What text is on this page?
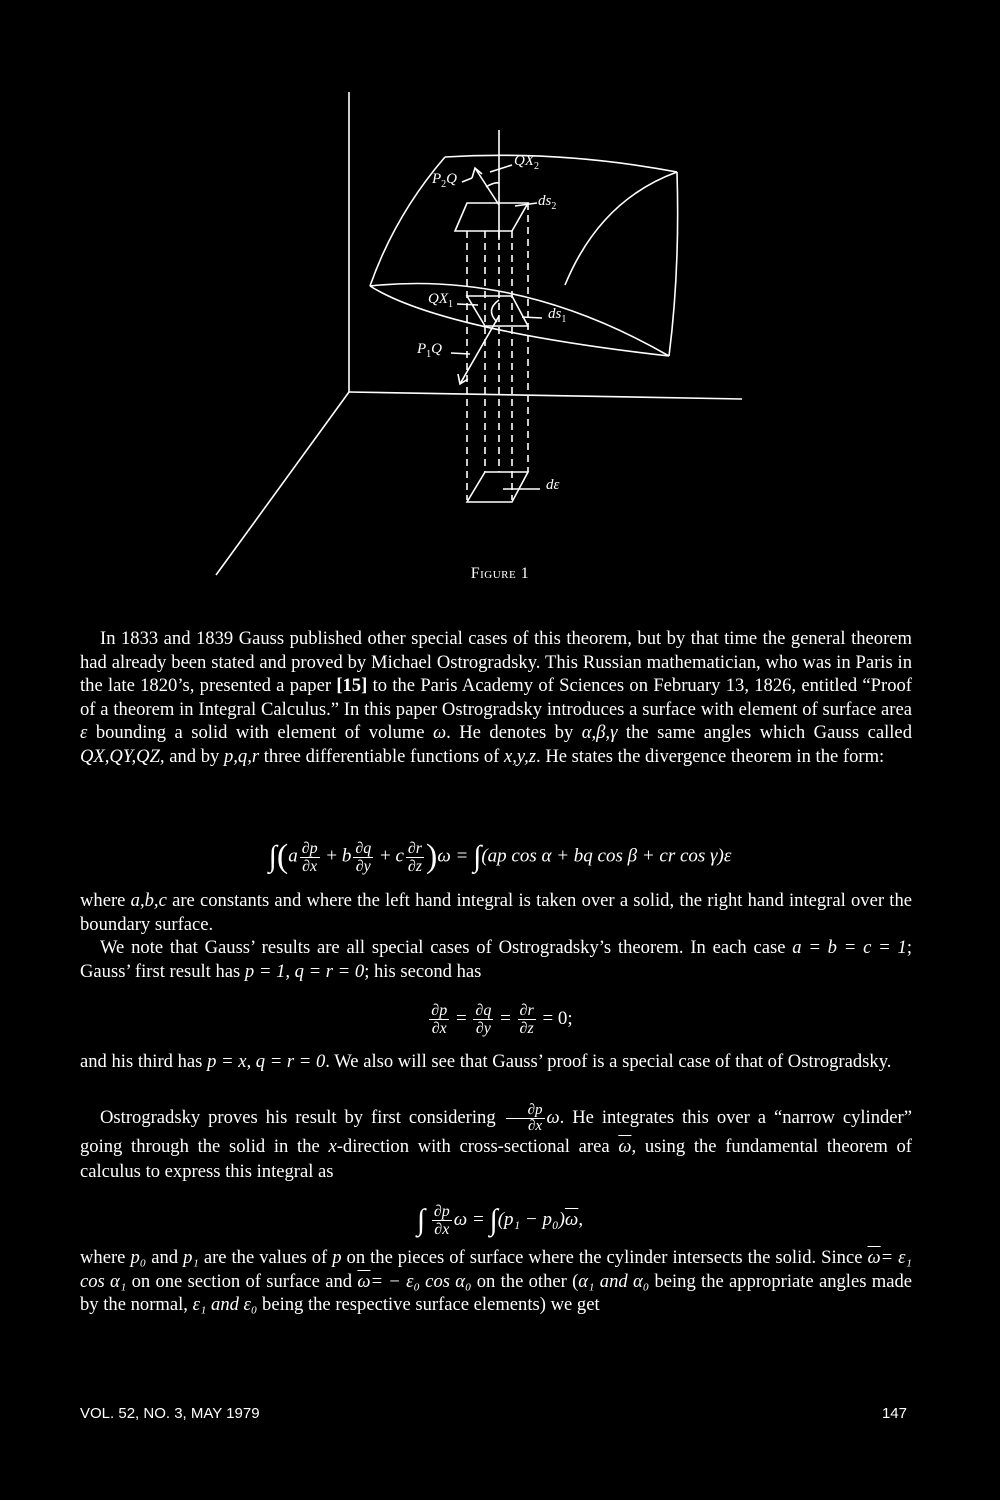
$P_2Q$
$QX_2$
$ds_2$
$QX_1$
$ds_1$
$P_1Q$
dε
Figure 1

In 1833 and 1839 Gauss published other special cases of this theorem, but by that time the general theorem had already been stated and proved by Michael Ostrogradsky. This Russian mathematician, who was in Paris in the late 1820’s, presented a paper [15] to the Paris Academy of Sciences on February 13, 1826, entitled “Proof of a theorem in Integral Calculus.” In this paper Ostrogradsky introduces a surface with element of surface area ε bounding a solid with element of volume ω. He denotes by α,β,γ the same angles which Gauss called QX,QY,QZ, and by p,q,r three differentiable functions of x,y,z. He states the divergence theorem in the form:

$\int(a \frac{\partial p}{\partial x} + b \frac{\partial q}{\partial y} + c \frac{\partial r}{\partial z} )\omega = \int(ap$ cos α + bq cos β + cr cos γ)ε

where a,b,c are constants and where the left hand integral is taken over a solid, the right hand integral over the boundary surface.

We note that Gauss’ results are all special cases of Ostrogradsky’s theorem. In each case a = b = c = 1; Gauss’ first result has p = 1, q = r = 0; his second has

$\frac{\partial p}{\partial x} = \frac{\partial q}{\partial y} = \frac{\partial r}{\partial z} = 0$;

and his third has p = x, q = r = 0. We also will see that Gauss’ proof is a special case of that of Ostrogradsky.

Ostrogradsky proves his result by first considering $\frac{\partial p}{\partial x} \omega$. He integrates this over a “narrow cylinder” going through the solid in the x-direction with cross-sectional area $\overline{\omega}$, using the fundamental theorem of calculus to express this integral as

∫ $\frac{\partial p}{\partial x}$ $\omega = \int(p_1 - p_0)\overline{\omega}$,

where p₀ and p₁ are the values of p on the pieces of surface where the cylinder intersects the solid. Since $\overline{\omega}= \varepsilon_1$ cos α₁ on one section of surface and $\overline{\omega}= - \varepsilon_0$ cos α₀ on the other (α₁ and α₀ being the appropriate angles made by the normal, ε₁ and ε₀ being the respective surface elements) we get

VOL. 52, NO. 3, MAY 1979	147
